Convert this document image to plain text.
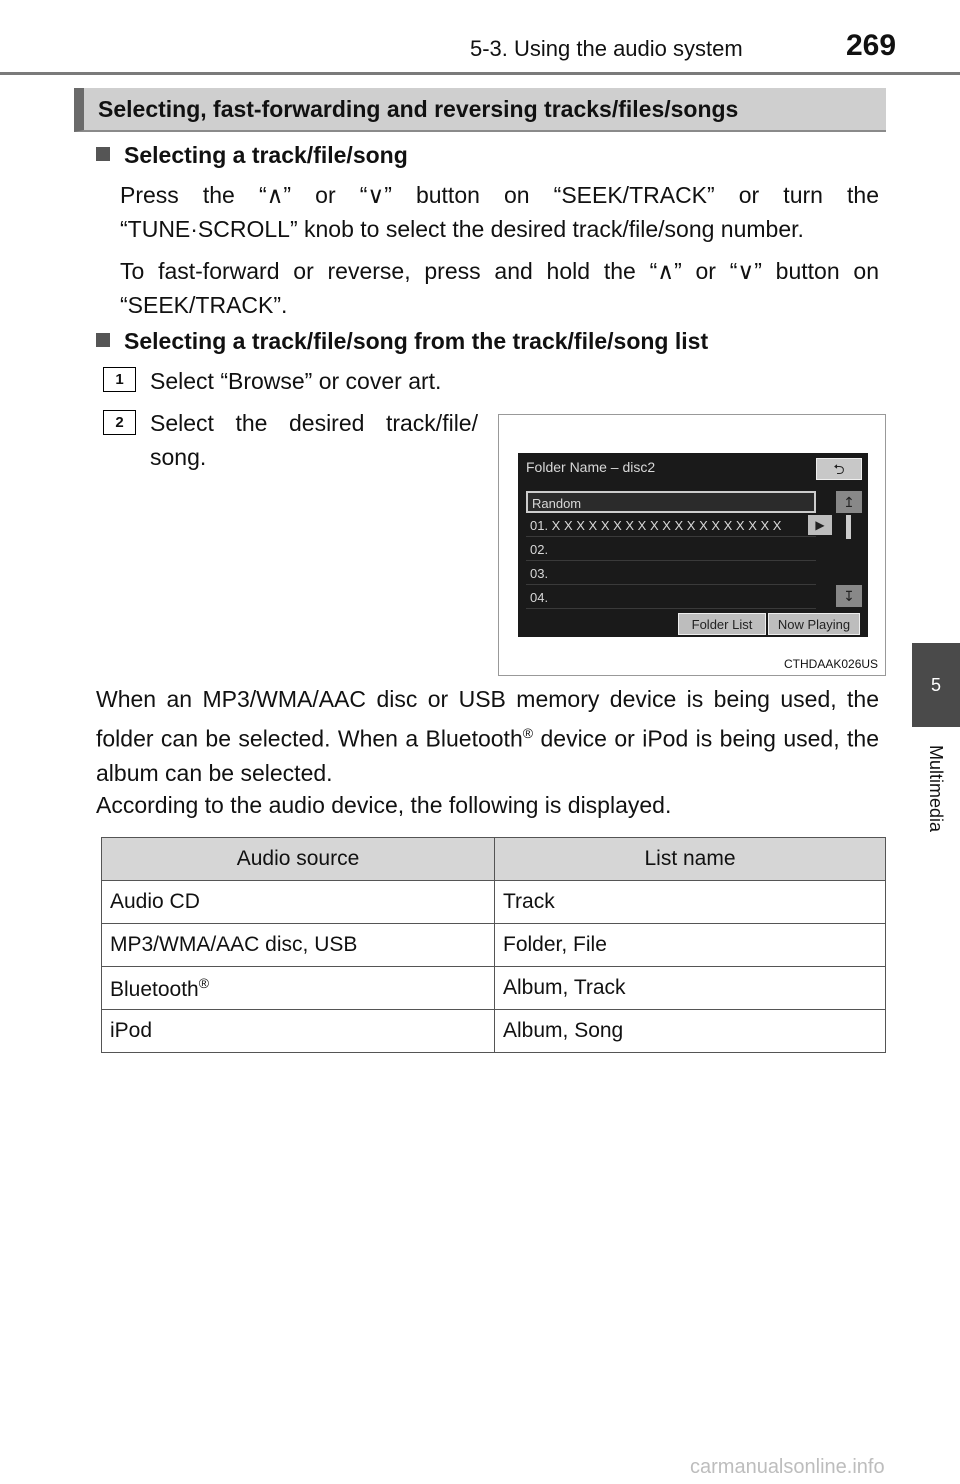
5-3. Using the audio system	269
5
Multimedia
Selecting, fast-forwarding and reversing tracks/files/songs
Selecting a track/file/song
Press the “∧” or “∨” button on “SEEK/TRACK” or turn the “TUNE·SCROLL” knob to select the desired track/file/song number.
To fast-forward or reverse, press and hold the “∧” or “∨” button on “SEEK/TRACK”.
Selecting a track/file/song from the track/file/song list
1	Select “Browse” or cover art.
2	Select the desired track/file/ song.	Folder Name – disc2	⮌
Random
01. X X X X X X X X X X X X X X X X X X X	▶
02.
03.
04.
↥
↧
Folder List	Now Playing
CTHDAAK026US
When an MP3/WMA/AAC disc or USB memory device is being used, the folder can be selected. When a Bluetooth® device or iPod is being used, the album can be selected.
According to the audio device, the following is displayed.
Audio source	List name
Audio CD	Track
MP3/WMA/AAC disc, USB	Folder, File
Bluetooth®	Album, Track
iPod	Album, Song
carmanualsonline.info
